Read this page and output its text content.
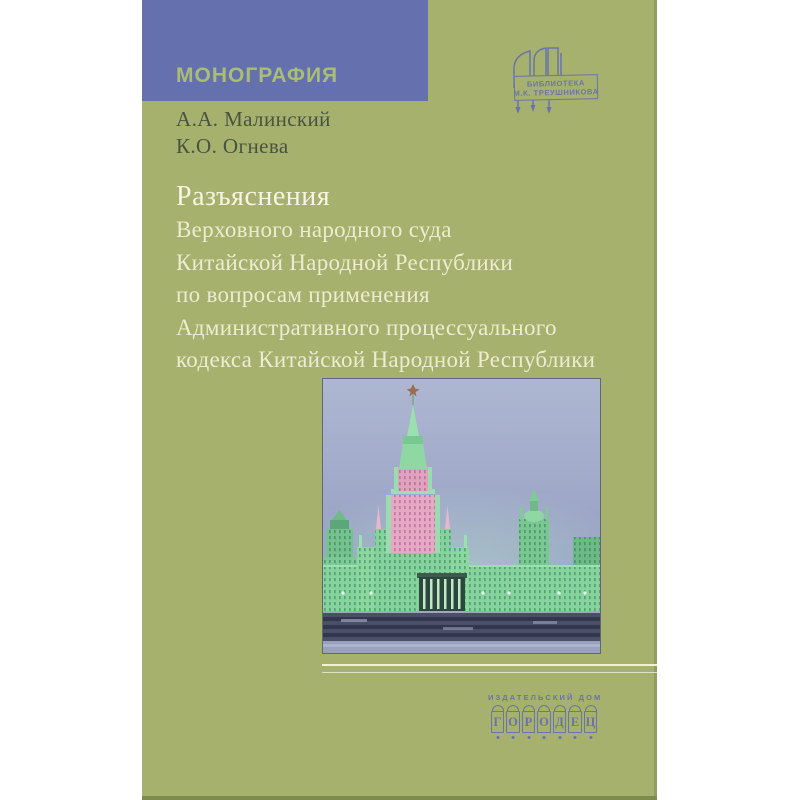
МОНОГРАФИЯ	БИБЛИОТЕКА
М.К. ТРЕУШНИКОВА
А.А. Малинский
К.О. Огнева
Разъяснения
Верховного народного суда
Китайской Народной Республики
по вопросам применения
Административного процессуального
кодекса Китайской Народной Республики
ИЗДАТЕЛЬСКИЙ ДОМ
Г О Р О Д Е Ц
